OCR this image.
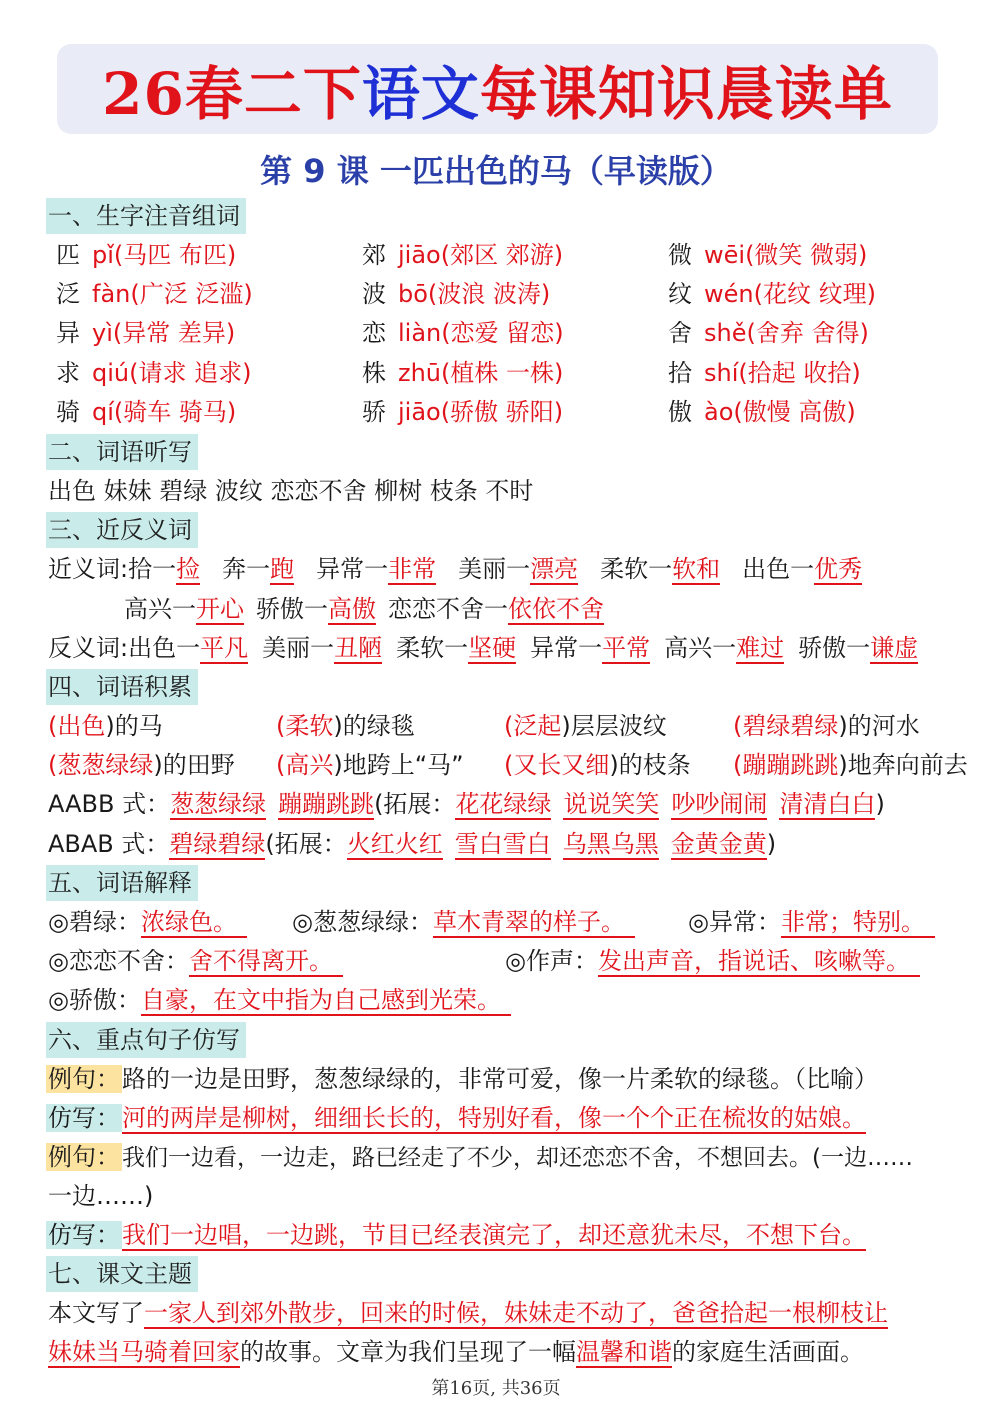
26春二下 语文 每课知识晨读单
第 9 课 一匹出色的马（早读版）
一、生字注音组词
匹 pǐ(马匹 布匹)	郊 jiāo(郊区 郊游)	微 wēi(微笑 微弱)
泛 fàn(广泛 泛滥)	波 bō(波浪 波涛)	纹 wén(花纹 纹理)
异 yì(异常 差异)	恋 liàn(恋爱 留恋)	舍 shě(舍弃 舍得)
求 qiú(请求 追求)	株 zhū(植株 一株)	拾 shí(拾起 收拾)
骑 qí(骑车 骑马)	骄 jiāo(骄傲 骄阳)	傲 ào(傲慢 高傲)
二、词语听写
出色 妹妹 碧绿 波纹 恋恋不舍 柳树 枝条 不时
三、近反义词
近义词:拾一捡 奔一跑 异常一非常 美丽一漂亮 柔软一软和 出色一优秀
高兴一开心 骄傲一高傲 恋恋不舍一依依不舍
反义词:出色一平凡 美丽一丑陋 柔软一坚硬 异常一平常 高兴一难过 骄傲一谦虚
四、词语积累
(出色)的马	(柔软)的绿毯	(泛起)层层波纹	(碧绿碧绿)的河水
(葱葱绿绿)的田野 (高兴)地跨上“马” (又长又细)的枝条 (蹦蹦跳跳)地奔向前去
AABB 式：葱葱绿绿 蹦蹦跳跳(拓展：花花绿绿 说说笑笑 吵吵闹闹 清清白白)
ABAB 式：碧绿碧绿(拓展：火红火红 雪白雪白 乌黑乌黑 金黄金黄)
五、词语解释
◎碧绿：浓绿色。	◎葱葱绿绿：草木青翠的样子。	◎异常：非常；特别。
◎恋恋不舍：舍不得离开。	◎作声：发出声音，指说话、咳嗽等。
◎骄傲：自豪，在文中指为自己感到光荣。
六、重点句子仿写
例句：路的一边是田野，葱葱绿绿的，非常可爱，像一片柔软的绿毯。（比喻）
仿写：河的两岸是柳树，细细长长的，特别好看，像一个个正在梳妆的姑娘。
例句：我们一边看，一边走，路已经走了不少，却还恋恋不舍，不想回去。(一边……
一边……)
仿写：我们一边唱，一边跳，节目已经表演完了，却还意犹未尽，不想下台。
七、课文主题
本文写了一家人到郊外散步，回来的时候，妹妹走不动了，爸爸拾起一根柳枝让
妹妹当马骑着回家的故事。文章为我们呈现了一幅温馨和谐的家庭生活画面。
第16页, 共36页
